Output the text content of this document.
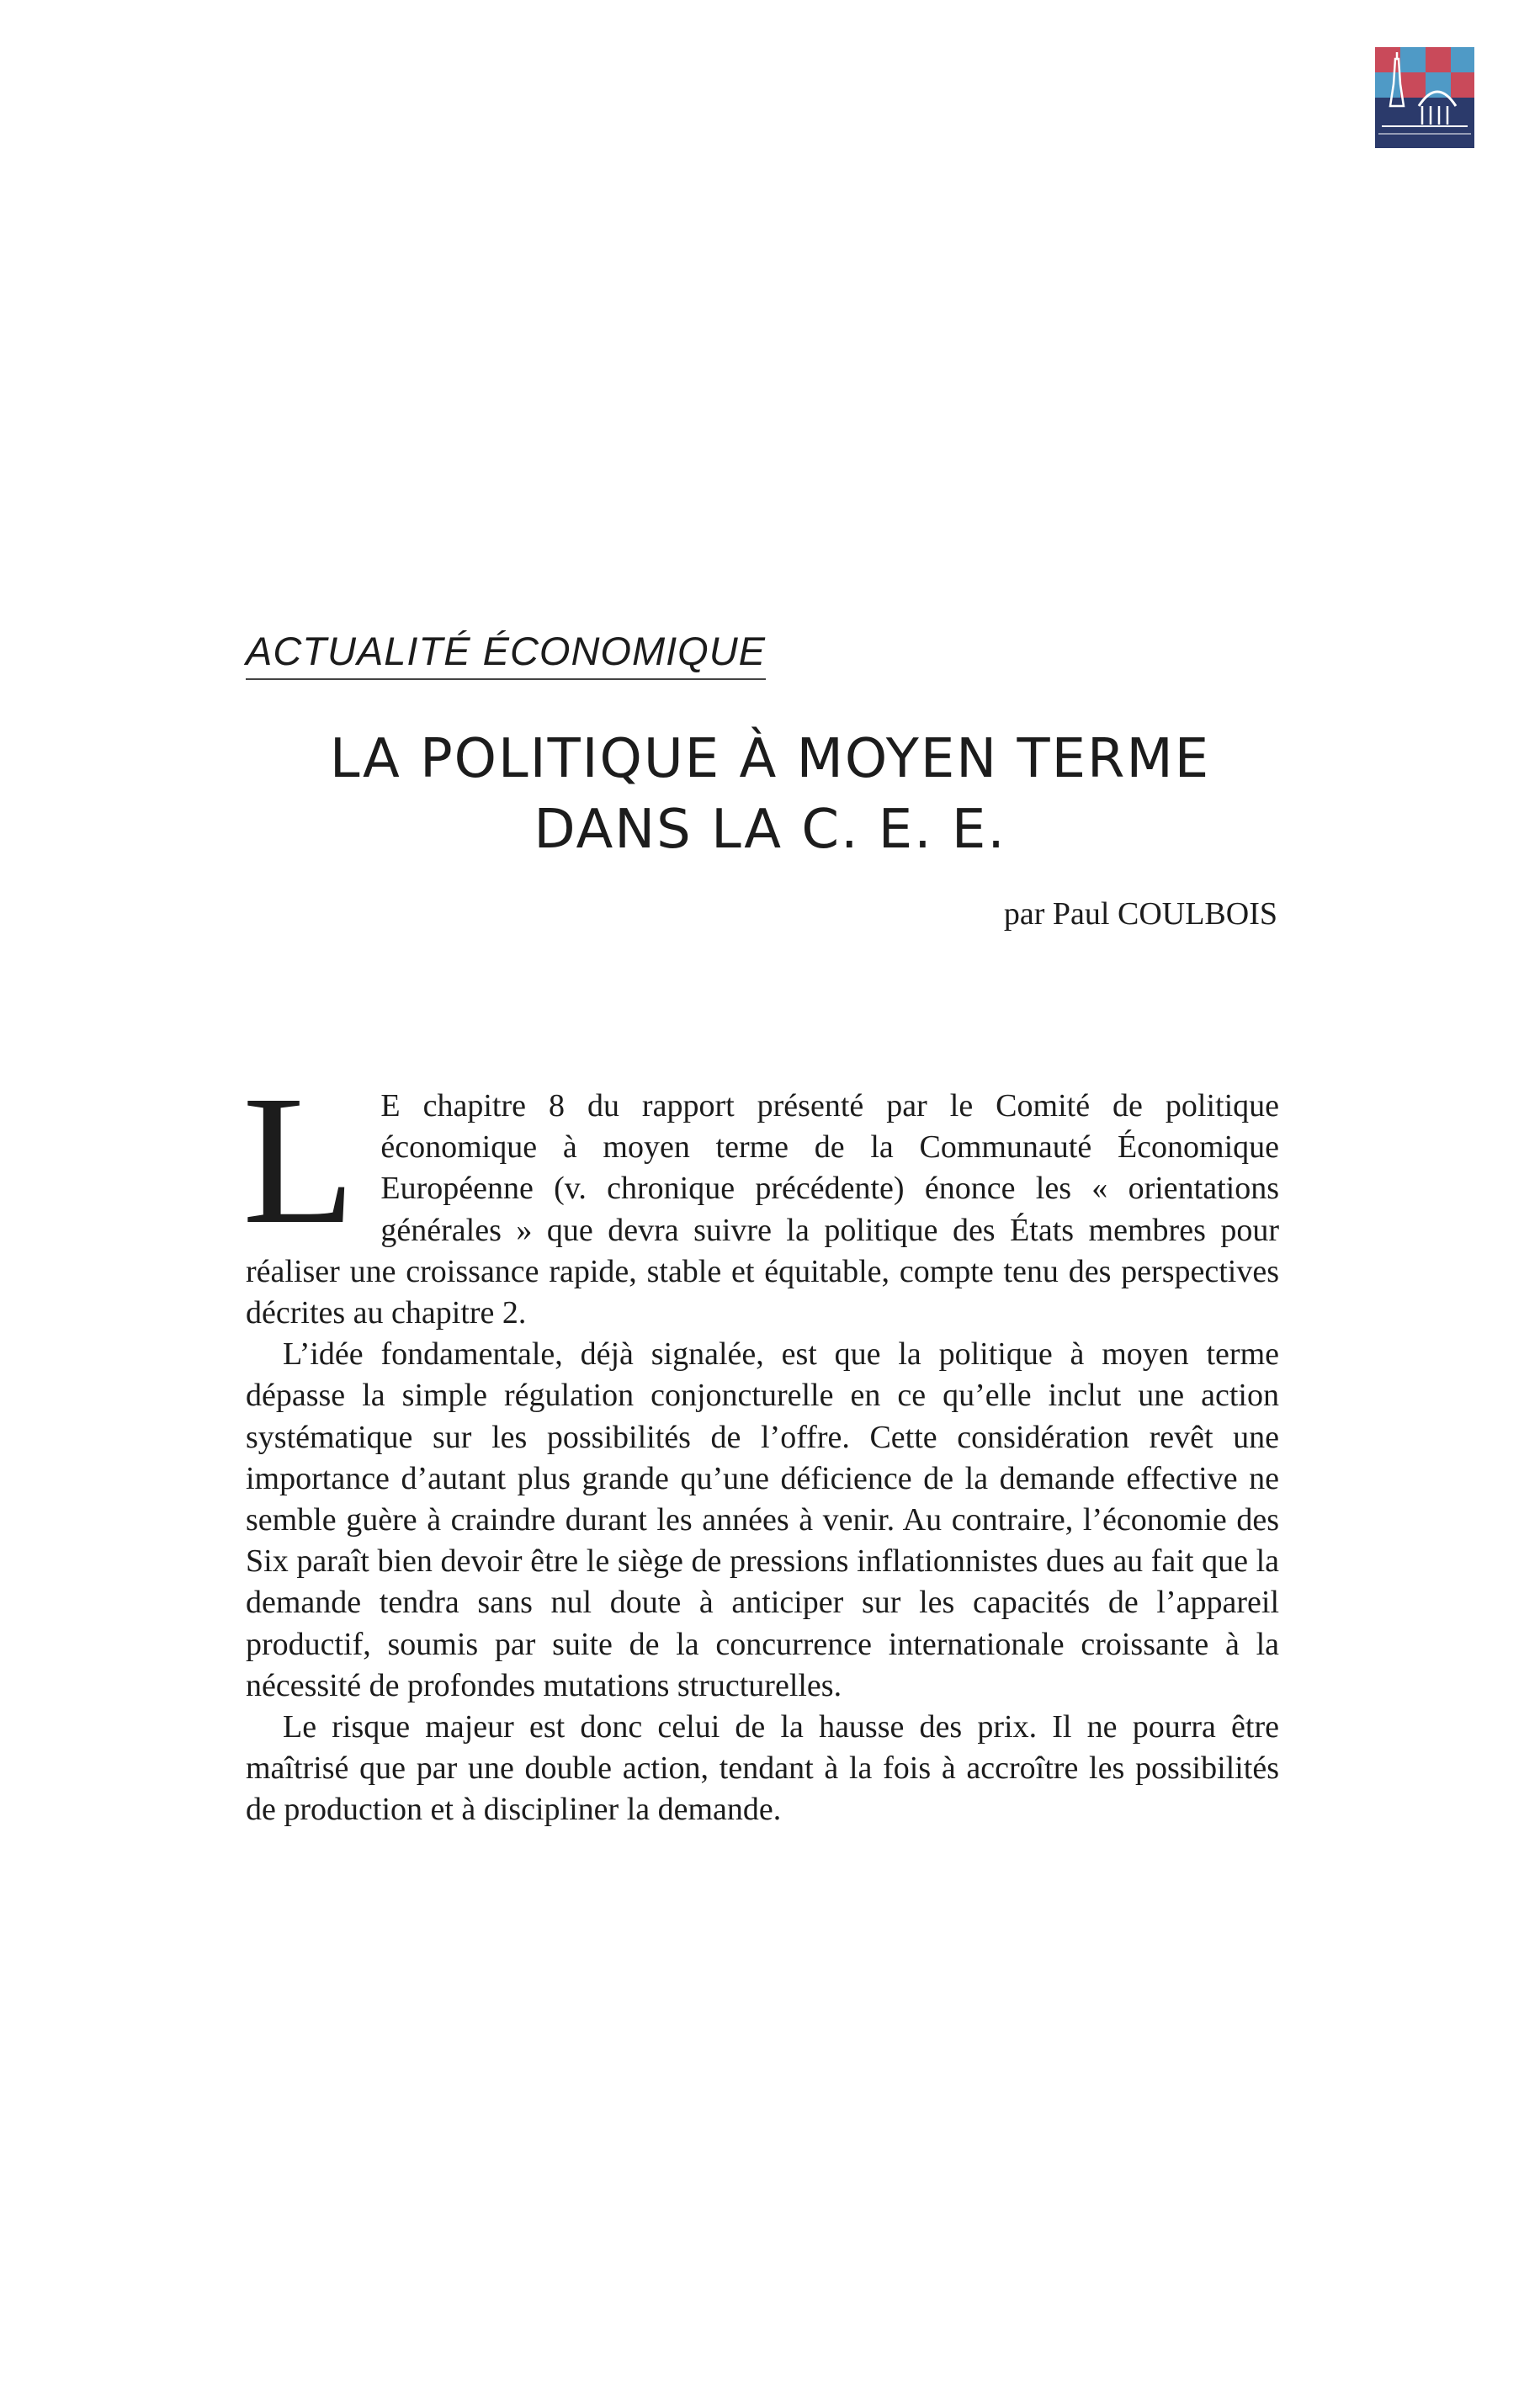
ACTUALITÉ ÉCONOMIQUE
LA POLITIQUE À MOYEN TERME
DANS LA C. E. E.
par Paul COULBOIS

L E chapitre 8 du rapport présenté par le Comité de politique économique à moyen terme de la Communauté Économique Européenne (v. chronique précédente) énonce les « orientations générales » que devra suivre la politique des États membres pour réaliser une croissance rapide, stable et équitable, compte tenu des perspectives décrites au chapitre 2.

L’idée fondamentale, déjà signalée, est que la politique à moyen terme dépasse la simple régulation conjoncturelle en ce qu’elle inclut une action systématique sur les possibilités de l’offre. Cette considération revêt une importance d’autant plus grande qu’une déficience de la demande effective ne semble guère à craindre durant les années à venir. Au contraire, l’économie des Six paraît bien devoir être le siège de pressions inflationnistes dues au fait que la demande tendra sans nul doute à anticiper sur les capacités de l’appareil productif, soumis par suite de la concurrence internationale croissante à la nécessité de profondes mutations structurelles.

Le risque majeur est donc celui de la hausse des prix. Il ne pourra être maîtrisé que par une double action, tendant à la fois à accroître les possibilités de production et à discipliner la demande.
